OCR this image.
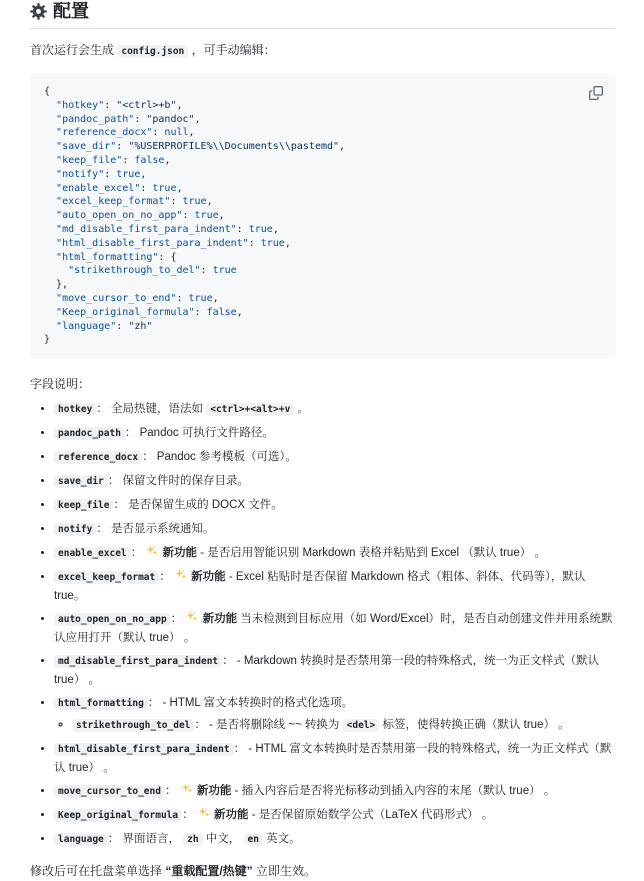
配置

首次运行会生成 config.json ，可手动编辑：

{
"hotkey": "<ctrl>+b",
"pandoc_path": "pandoc",
"reference_docx": null,
"save_dir": "%USERPROFILE%\\Documents\\pastemd",
"keep_file": false,
"notify": true,
"enable_excel": true,
"excel_keep_format": true,
"auto_open_on_no_app": true,
"md_disable_first_para_indent": true,
"html_disable_first_para_indent": true,
"html_formatting": {
"strikethrough_to_del": true
},
"move_cursor_to_end": true,
"Keep_original_formula": false,
"language": "zh"
}

字段说明：

• hotkey ： 全局热键，语法如 <ctrl>+<alt>+v 。
• pandoc_path ： Pandoc 可执行文件路径。
• reference_docx ： Pandoc 参考模板（可选）。
• save_dir ： 保留文件时的保存目录。
• keep_file ： 是否保留生成的 DOCX 文件。
• notify ： 是否显示系统通知。
• enable_excel ：  新功能 - 是否启用智能识别 Markdown 表格并粘贴到 Excel （默认 true） 。
• excel_keep_format ：  新功能 - Excel 粘贴时是否保留 Markdown 格式（粗体、斜体、代码等），默认 true。
• auto_open_on_no_app ：  新功能 当未检测到目标应用（如 Word/Excel）时，是否自动创建文件并用系统默认应用打开（默认 true） 。
• md_disable_first_para_indent ： - Markdown 转换时是否禁用第一段的特殊格式，统一为正文样式（默认 true） 。
• html_formatting ： - HTML 富文本转换时的格式化选项。
◦ strikethrough_to_del ： - 是否将删除线 ~~ 转换为 <del> 标签，使得转换正确（默认 true） 。
• html_disable_first_para_indent ： - HTML 富文本转换时是否禁用第一段的特殊格式，统一为正文样式（默认 true） 。
• move_cursor_to_end ：  新功能 - 插入内容后是否将光标移动到插入内容的末尾（默认 true） 。
• Keep_original_formula ：  新功能 - 是否保留原始数学公式（LaTeX 代码形式） 。
• language ： 界面语言， zh 中文， en 英文。

修改后可在托盘菜单选择 “重载配置/热键” 立即生效。
